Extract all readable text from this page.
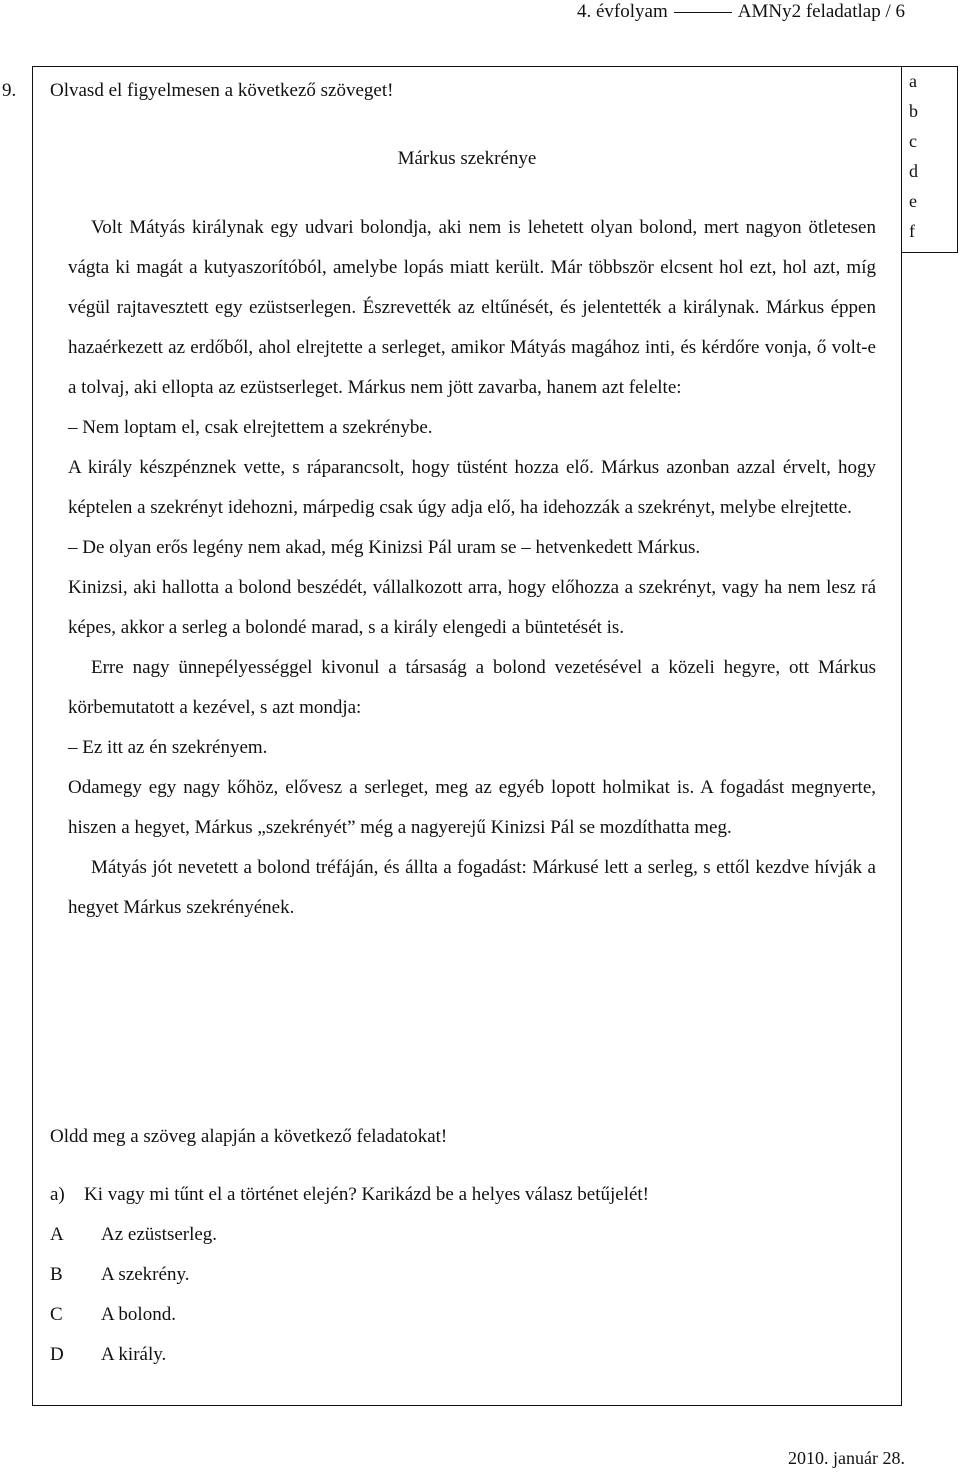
4. évfolyam	AMNy2 feladatlap / 6
9.	a
b
c
d
e
f
Olvasd el figyelmesen a következő szöveget!
Márkus szekrénye

Volt Mátyás királynak egy udvari bolondja, aki nem is lehetett olyan bolond, mert nagyon ötletesen vágta ki magát a kutyaszorítóból, amelybe lopás miatt került. Már többször elcsent hol ezt, hol azt, míg végül rajtavesztett egy ezüstserlegen. Észrevették az eltűnését, és jelentették a királynak. Márkus éppen hazaérkezett az erdőből, ahol elrejtette a serleget, amikor Mátyás magához inti, és kérdőre vonja, ő volt-e a tolvaj, aki ellopta az ezüstserleget. Márkus nem jött zavarba, hanem azt felelte:

– Nem loptam el, csak elrejtettem a szekrénybe.

A király készpénznek vette, s ráparancsolt, hogy tüstént hozza elő. Márkus azonban azzal érvelt, hogy képtelen a szekrényt idehozni, márpedig csak úgy adja elő, ha idehozzák a szekrényt, melybe elrejtette.

– De olyan erős legény nem akad, még Kinizsi Pál uram se – hetvenkedett Márkus.

Kinizsi, aki hallotta a bolond beszédét, vállalkozott arra, hogy előhozza a szekrényt, vagy ha nem lesz rá képes, akkor a serleg a bolondé marad, s a király elengedi a büntetését is.

Erre nagy ünnepélyességgel kivonul a társaság a bolond vezetésével a közeli hegyre, ott Márkus körbemutatott a kezével, s azt mondja:

– Ez itt az én szekrényem.

Odamegy egy nagy kőhöz, elővesz a serleget, meg az egyéb lopott holmikat is. A fogadást megnyerte, hiszen a hegyet, Márkus „szekrényét” még a nagyerejű Kinizsi Pál se mozdíthatta meg.

Mátyás jót nevetett a bolond tréfáján, és állta a fogadást: Márkusé lett a serleg, s ettől kezdve hívják a hegyet Márkus szekrényének.

Oldd meg a szöveg alapján a következő feladatokat!
a) Ki vagy mi tűnt el a történet elején? Karikázd be a helyes válasz betűjelét!
A	Az ezüstserleg.
B	A szekrény.
C	A bolond.
D	A király.
2010. január 28.
